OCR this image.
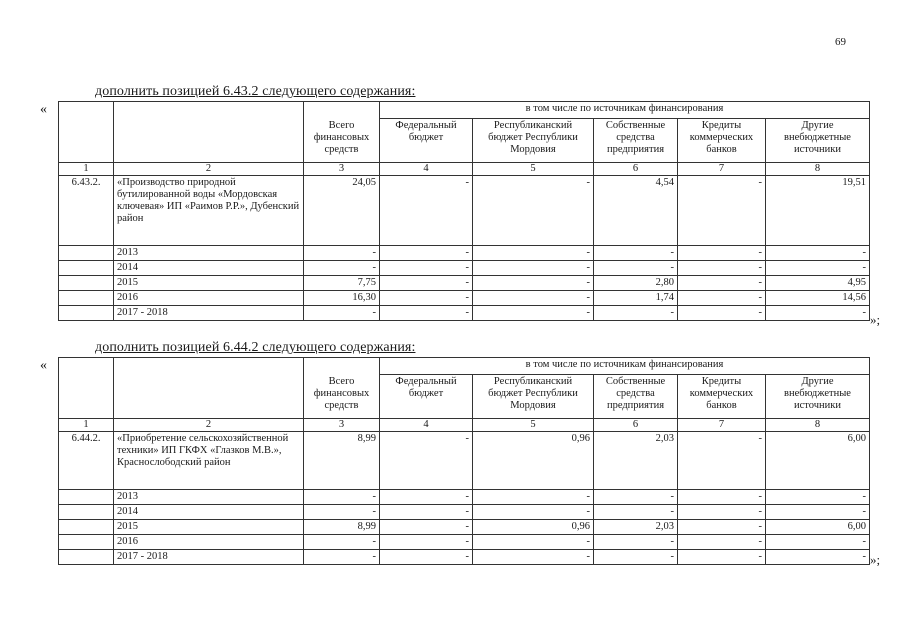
69
дополнить позицией 6.43.2 следующего содержания:
«
				в том числе по источникам финансирования				
		Всего финансовых средств	Федеральный бюджет	Республиканский бюджет Республики Мордовия	Собственные средства предприятия	Кредиты коммерческих банков	Другие внебюджетные источники
1	2	3	4	5	6	7	8
6.43.2.	«Производство природной бутилированной воды «Мордовская ключевая» ИП «Раимов Р.Р.», Дубенский район	24,05	-	-	4,54	-	19,51
	2013	-	-	-	-	-	-
	2014	-	-	-	-	-	-
	2015	7,75	-	-	2,80	-	4,95
	2016	16,30	-	-	1,74	-	14,56
	2017 - 2018	-	-	-	-	-	- »;
дополнить позицией 6.44.2 следующего содержания:
«
				в том числе по источникам финансирования				
		Всего финансовых средств	Федеральный бюджет	Республиканский бюджет Республики Мордовия	Собственные средства предприятия	Кредиты коммерческих банков	Другие внебюджетные источники
1	2	3	4	5	6	7	8
6.44.2.	«Приобретение сельскохозяйственной техники» ИП ГКФХ «Глазков М.В.», Краснослободский район	8,99	-	0,96	2,03	-	6,00
	2013	-	-	-	-	-	-
	2014	-	-	-	-	-	-
	2015	8,99	-	0,96	2,03	-	6,00
	2016	-	-	-	-	-	-
	2017 - 2018	-	-	-	-	-	- »;
